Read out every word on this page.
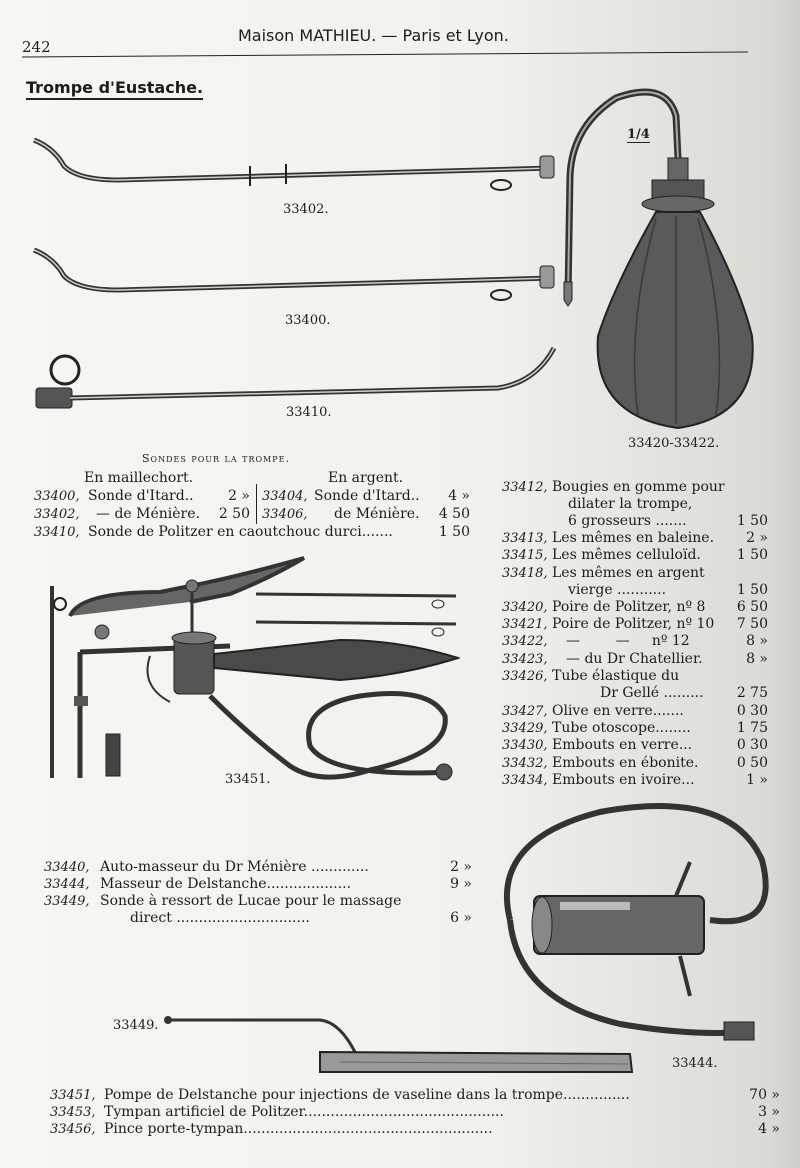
242
Maison MATHIEU. — Paris et Lyon.
Trompe d'Eustache.
33402.
33400.
33410.
1/4
33420-33422.
Sondes pour la trompe.
En maillechort.	En argent.
33400, Sonde d'Itard..	2 » 33404, Sonde d'Itard..	4 »
33402, — de Ménière.	2 50 33406, de Ménière.	4 50
33410, Sonde de Politzer en caoutchouc durci.......	1 50
33412, Bougies en gomme pour
dilater la trompe,
6 grosseurs .......	1 50
33413, Les mêmes en baleine.	2 »
33415, Les mêmes celluloïd.	1 50
33418, Les mêmes en argent
vierge ...........	1 50
33420, Poire de Politzer, nº 8	6 50
33421, Poire de Politzer, nº 10	7 50
33422, —        —     nº 12	8 »
33423, — du Dr Chatellier.	8 »
33426, Tube élastique du
Dr Gellé .........	2 75
33427, Olive en verre.......	0 30
33429, Tube otoscope........	1 75
33430, Embouts en verre...	0 30
33432, Embouts en ébonite.	0 50
33434, Embouts en ivoire...	1 »
33451.
33440, Auto-masseur du Dr Ménière .............	2 »
33444, Masseur de Delstanche...................	9 »
33449, Sonde à ressort de Lucae pour le massage
direct ..............................	6 »
33444.
33449.
33451, Pompe de Delstanche pour injections de vaseline dans la trompe...............	70 »
33453, Tympan artificiel de Politzer.............................................	3 »
33456, Pince porte-tympan........................................................	4 »
